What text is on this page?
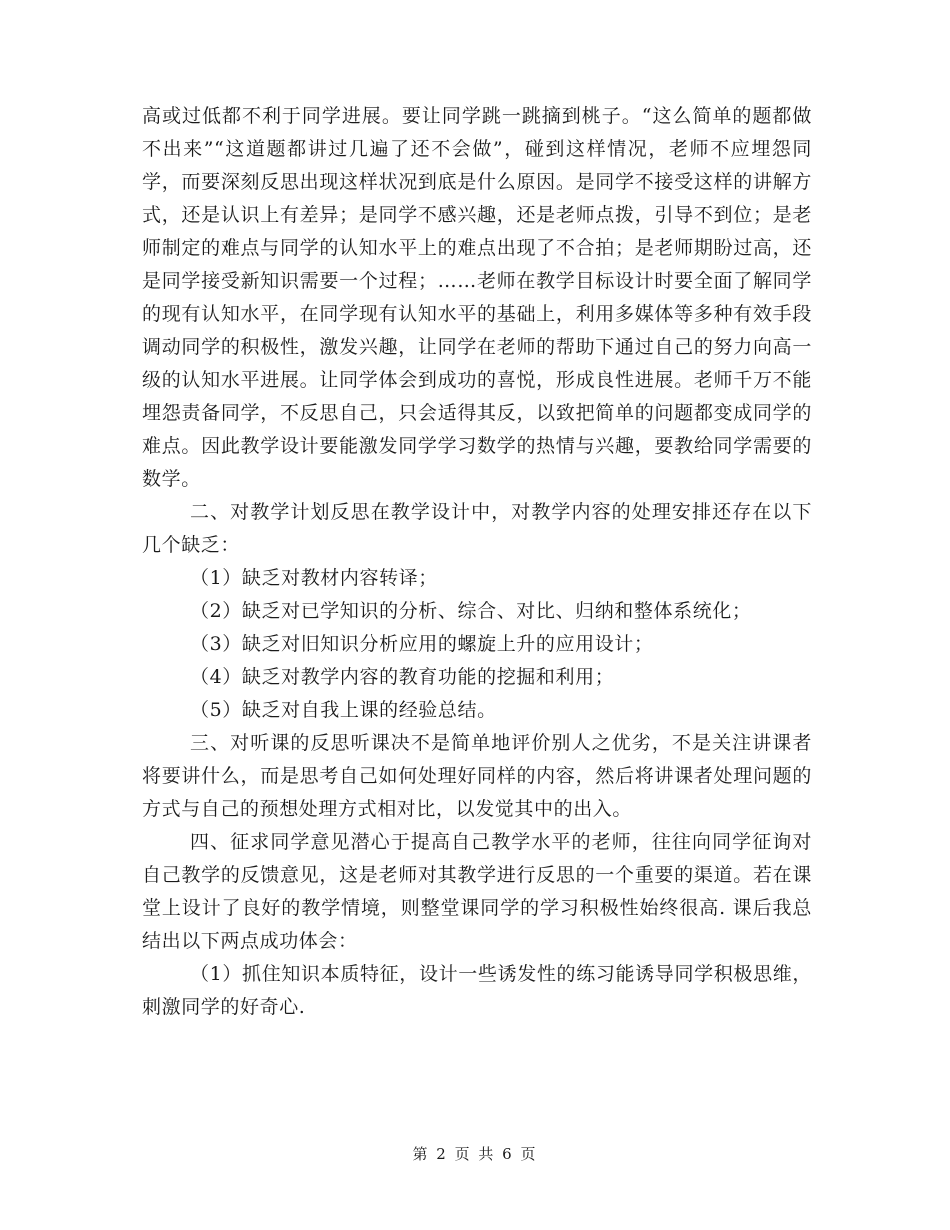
高或过低都不利于同学进展。要让同学跳一跳摘到桃子。“这么简单的题都做不出来”“这道题都讲过几遍了还不会做”，碰到这样情况，老师不应埋怨同学，而要深刻反思出现这样状况到底是什么原因。是同学不接受这样的讲解方式，还是认识上有差异；是同学不感兴趣，还是老师点拨，引导不到位；是老师制定的难点与同学的认知水平上的难点出现了不合拍；是老师期盼过高，还是同学接受新知识需要一个过程；……老师在教学目标设计时要全面了解同学的现有认知水平，在同学现有认知水平的基础上，利用多媒体等多种有效手段调动同学的积极性，激发兴趣，让同学在老师的帮助下通过自己的努力向高一级的认知水平进展。让同学体会到成功的喜悦，形成良性进展。老师千万不能埋怨责备同学，不反思自己，只会适得其反，以致把简单的问题都变成同学的难点。因此教学设计要能激发同学学习数学的热情与兴趣，要教给同学需要的数学。

二、对教学计划反思在教学设计中，对教学内容的处理安排还存在以下几个缺乏：

（1）缺乏对教材内容转译；

（2）缺乏对已学知识的分析、综合、对比、归纳和整体系统化；

（3）缺乏对旧知识分析应用的螺旋上升的应用设计；

（4）缺乏对教学内容的教育功能的挖掘和利用；

（5）缺乏对自我上课的经验总结。

三、对听课的反思听课决不是简单地评价别人之优劣，不是关注讲课者将要讲什么，而是思考自己如何处理好同样的内容，然后将讲课者处理问题的方式与自己的预想处理方式相对比，以发觉其中的出入。

四、征求同学意见潜心于提高自己教学水平的老师，往往向同学征询对自己教学的反馈意见，这是老师对其教学进行反思的一个重要的渠道。若在课堂上设计了良好的教学情境，则整堂课同学的学习积极性始终很高. 课后我总结出以下两点成功体会：

（1）抓住知识本质特征，设计一些诱发性的练习能诱导同学积极思维，刺激同学的好奇心.

第 2 页 共 6 页
